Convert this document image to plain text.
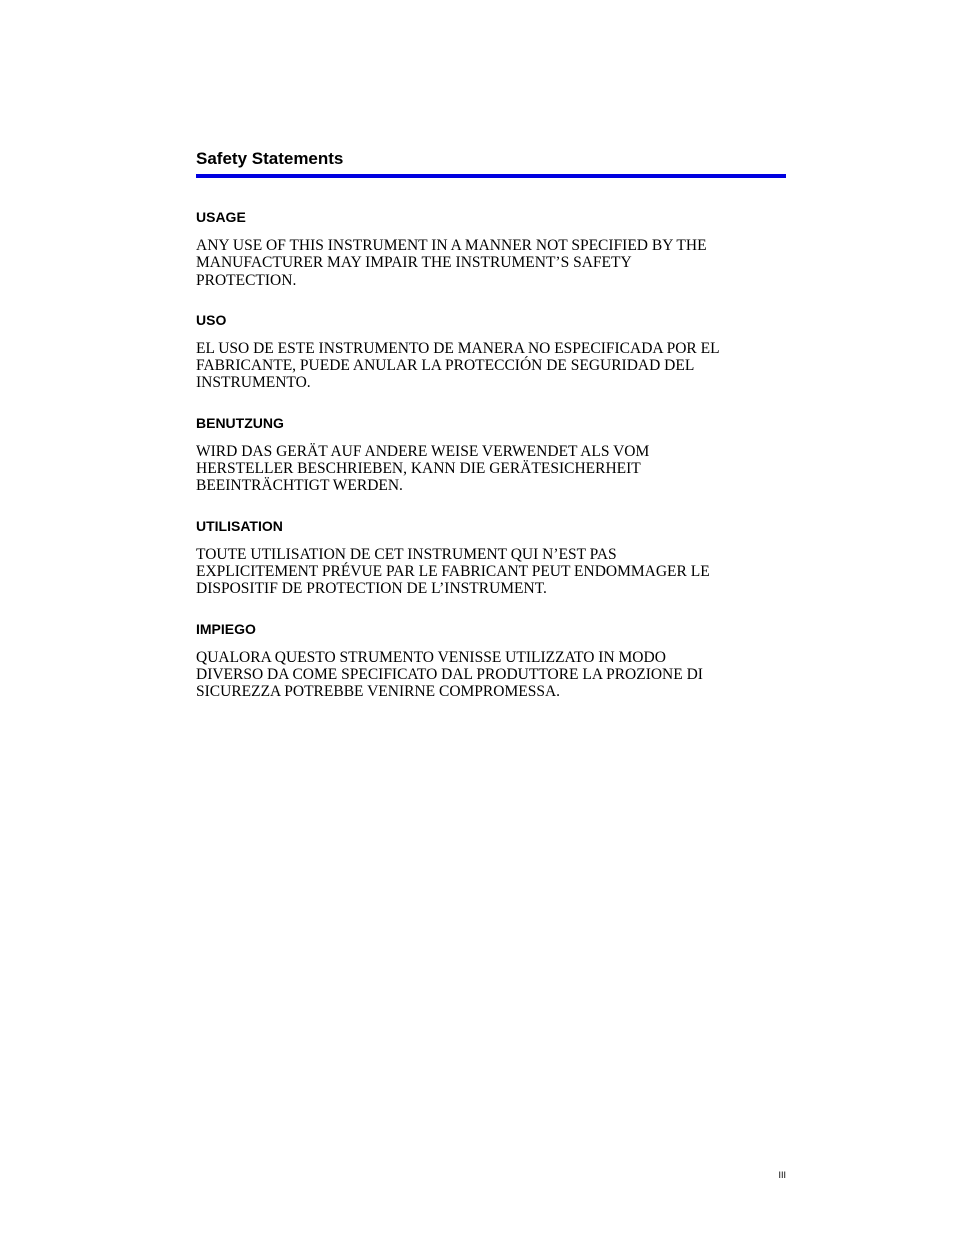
Safety Statements
USAGE

ANY USE OF THIS INSTRUMENT IN A MANNER NOT SPECIFIED BY THE
MANUFACTURER MAY IMPAIR THE INSTRUMENT’S SAFETY
PROTECTION.

USO

EL USO DE ESTE INSTRUMENTO DE MANERA NO ESPECIFICADA POR EL
FABRICANTE, PUEDE ANULAR LA PROTECCIÓN DE SEGURIDAD DEL
INSTRUMENTO.

BENUTZUNG

WIRD DAS GERÄT AUF ANDERE WEISE VERWENDET ALS VOM
HERSTELLER BESCHRIEBEN, KANN DIE GERÄTESICHERHEIT
BEEINTRÄCHTIGT WERDEN.

UTILISATION

TOUTE UTILISATION DE CET INSTRUMENT QUI N’EST PAS
EXPLICITEMENT PRÉVUE PAR LE FABRICANT PEUT ENDOMMAGER LE
DISPOSITIF DE PROTECTION DE L’INSTRUMENT.

IMPIEGO

QUALORA QUESTO STRUMENTO VENISSE UTILIZZATO IN MODO
DIVERSO DA COME SPECIFICATO DAL PRODUTTORE LA PROZIONE DI
SICUREZZA POTREBBE VENIRNE COMPROMESSA.

III
